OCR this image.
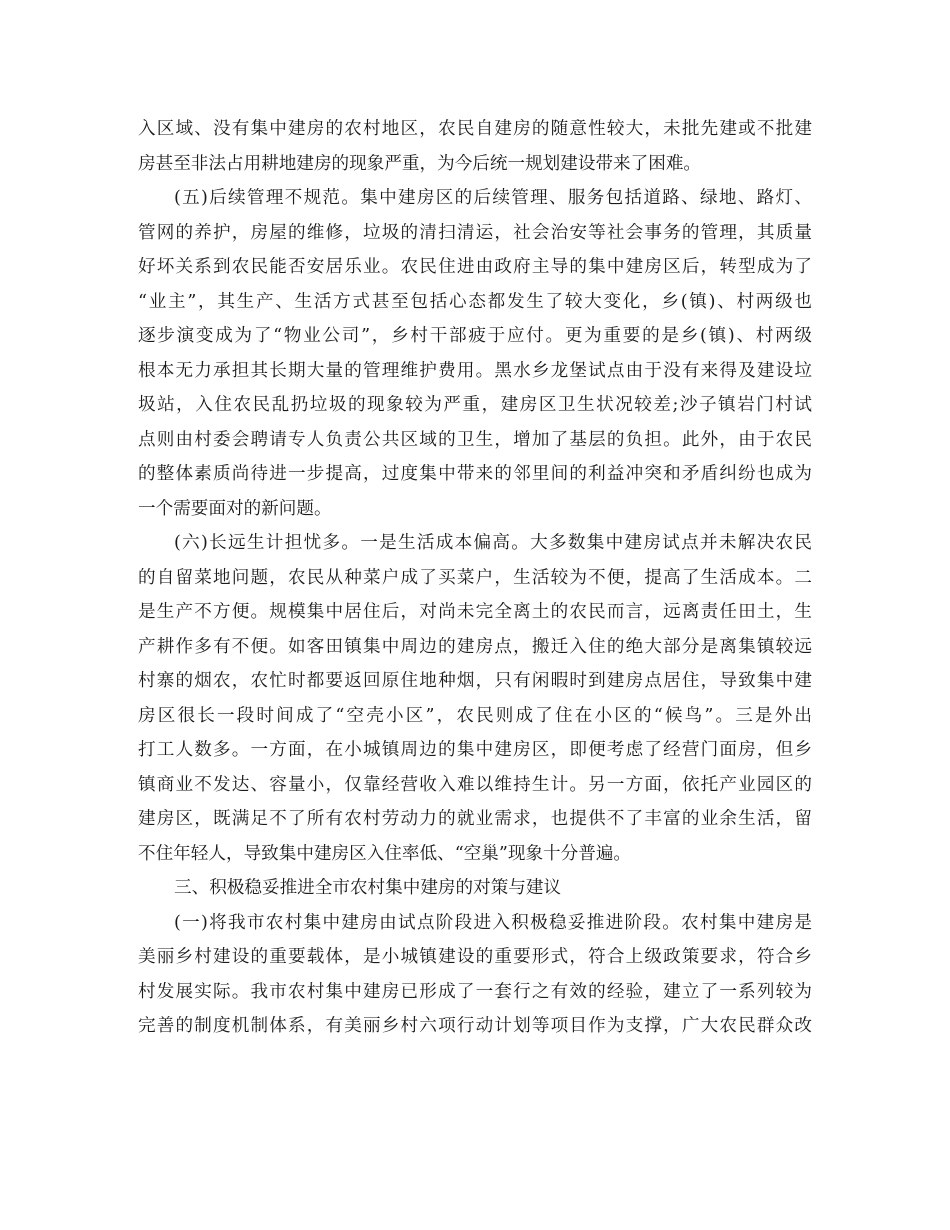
入区域、没有集中建房的农村地区，农民自建房的随意性较大，未批先建或不批建
房甚至非法占用耕地建房的现象严重，为今后统一规划建设带来了困难。
(五)后续管理不规范。集中建房区的后续管理、服务包括道路、绿地、路灯、
管网的养护，房屋的维修，垃圾的清扫清运，社会治安等社会事务的管理，其质量
好坏关系到农民能否安居乐业。农民住进由政府主导的集中建房区后，转型成为了
“业主”，其生产、生活方式甚至包括心态都发生了较大变化，乡(镇)、村两级也
逐步演变成为了“物业公司”，乡村干部疲于应付。更为重要的是乡(镇)、村两级
根本无力承担其长期大量的管理维护费用。黑水乡龙堡试点由于没有来得及建设垃
圾站，入住农民乱扔垃圾的现象较为严重，建房区卫生状况较差;沙子镇岩门村试
点则由村委会聘请专人负责公共区域的卫生，增加了基层的负担。此外，由于农民
的整体素质尚待进一步提高，过度集中带来的邻里间的利益冲突和矛盾纠纷也成为
一个需要面对的新问题。
(六)长远生计担忧多。一是生活成本偏高。大多数集中建房试点并未解决农民
的自留菜地问题，农民从种菜户成了买菜户，生活较为不便，提高了生活成本。二
是生产不方便。规模集中居住后，对尚未完全离土的农民而言，远离责任田土，生
产耕作多有不便。如客田镇集中周边的建房点，搬迁入住的绝大部分是离集镇较远
村寨的烟农，农忙时都要返回原住地种烟，只有闲暇时到建房点居住，导致集中建
房区很长一段时间成了“空壳小区”，农民则成了住在小区的“候鸟”。三是外出
打工人数多。一方面，在小城镇周边的集中建房区，即便考虑了经营门面房，但乡
镇商业不发达、容量小，仅靠经营收入难以维持生计。另一方面，依托产业园区的
建房区，既满足不了所有农村劳动力的就业需求，也提供不了丰富的业余生活，留
不住年轻人，导致集中建房区入住率低、“空巢”现象十分普遍。
三、积极稳妥推进全市农村集中建房的对策与建议
(一)将我市农村集中建房由试点阶段进入积极稳妥推进阶段。农村集中建房是
美丽乡村建设的重要载体，是小城镇建设的重要形式，符合上级政策要求，符合乡
村发展实际。我市农村集中建房已形成了一套行之有效的经验，建立了一系列较为
完善的制度机制体系，有美丽乡村六项行动计划等项目作为支撑，广大农民群众改
